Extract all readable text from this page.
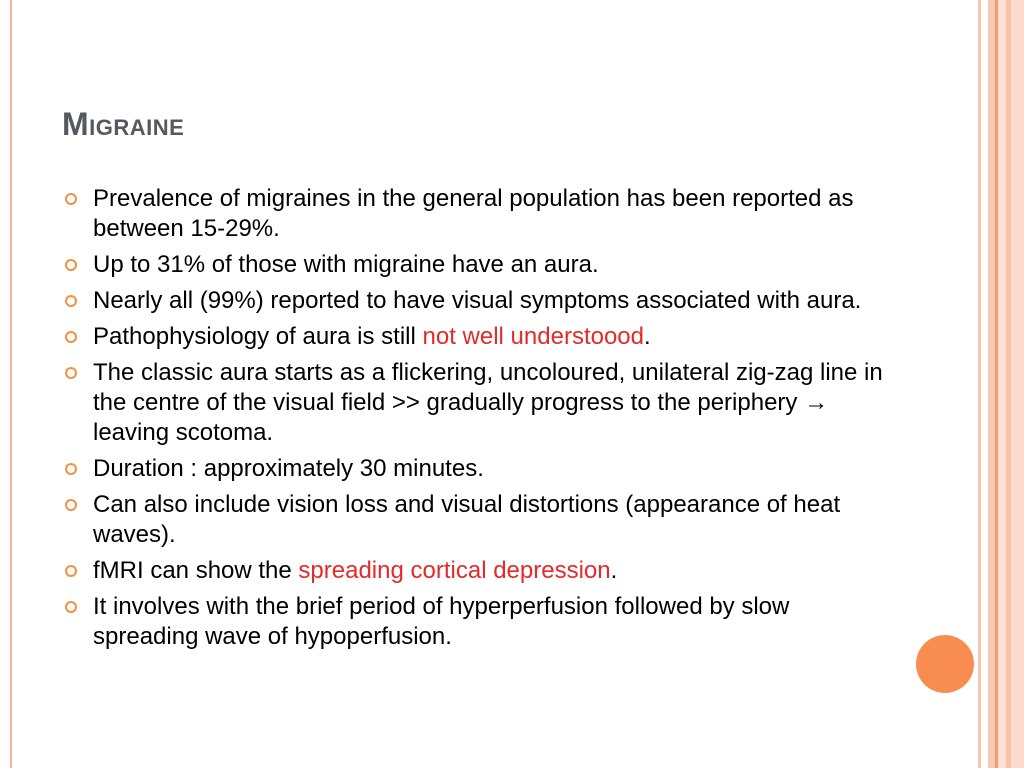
Migraine
Prevalence of migraines in the general population has been reported as between 15-29%.
Up to 31% of those with migraine have an aura.
Nearly all (99%) reported to have visual symptoms associated with aura.
Pathophysiology of aura is still not well understoood.
The classic aura starts as a flickering, uncoloured, unilateral zig-zag line in the centre of the visual field >> gradually progress to the periphery → leaving scotoma.
Duration : approximately 30 minutes.
Can also include vision loss and visual distortions (appearance of heat waves).
fMRI can show the spreading cortical depression.
It involves with the brief period of hyperperfusion followed by slow spreading wave of hypoperfusion.
